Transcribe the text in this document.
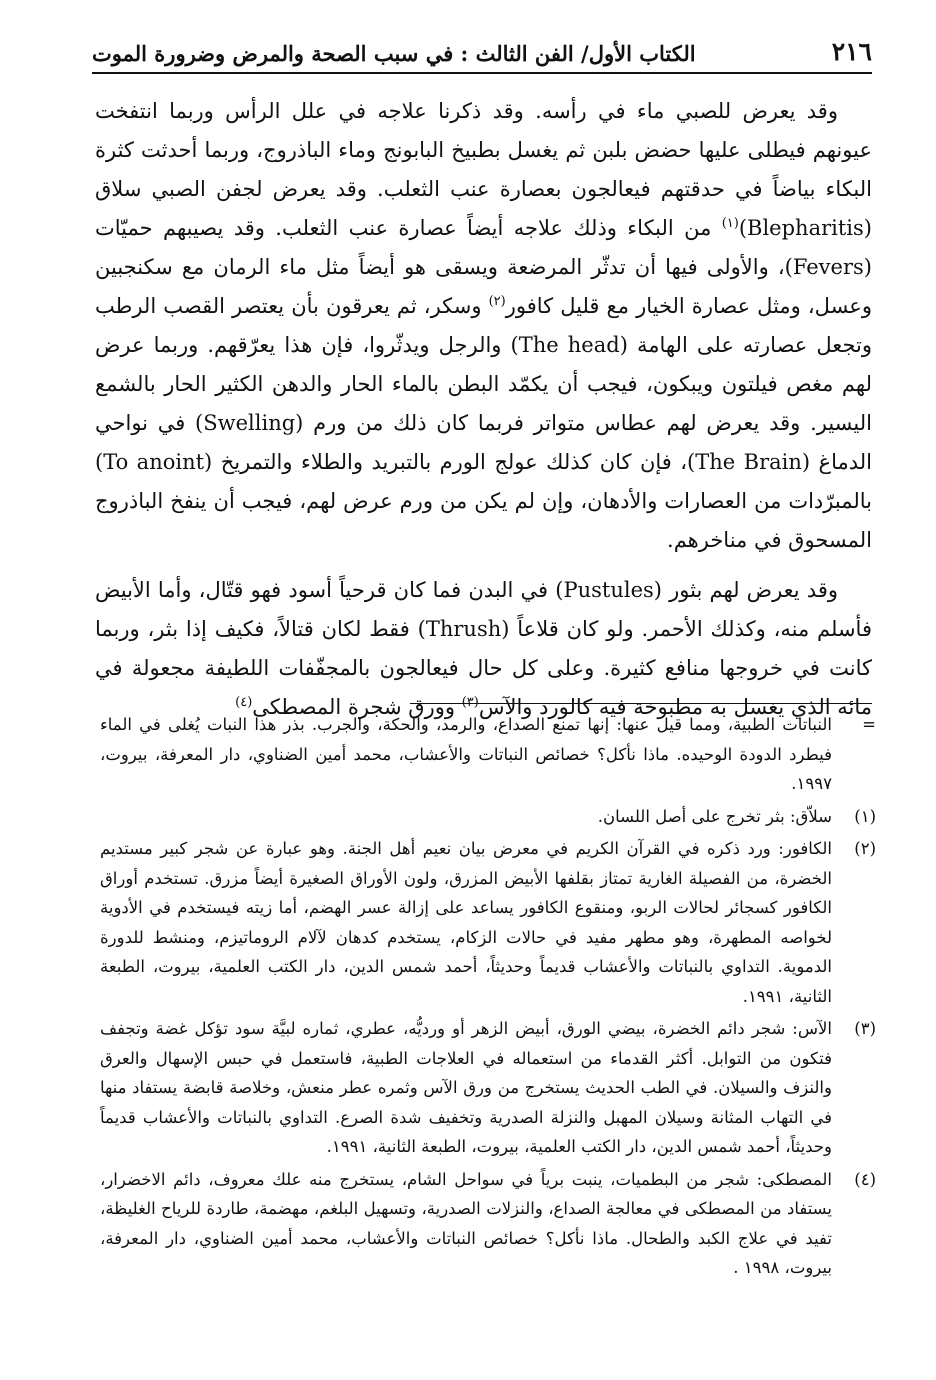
٢١٦
الكتاب الأول/ الفن الثالث : في سبب الصحة والمرض وضرورة الموت

وقد يعرض للصبي ماء في رأسه. وقد ذكرنا علاجه في علل الرأس وربما انتفخت عيونهم فيطلى عليها حضض بلبن ثم يغسل بطبيخ البابونج وماء الباذروج، وربما أحدثت كثرة البكاء بياضاً في حدقتهم فيعالجون بعصارة عنب الثعلب. وقد يعرض لجفن الصبي سلاق (Blepharitis)$^{(١)}$ من البكاء وذلك علاجه أيضاً عصارة عنب الثعلب. وقد يصيبهم حميّات (Fevers)، والأولى فيها أن تدثّر المرضعة ويسقى هو أيضاً مثل ماء الرمان مع سكنجبين وعسل، ومثل عصارة الخيار مع قليل كافور$^{(٢)}$ وسكر، ثم يعرقون بأن يعتصر القصب الرطب وتجعل عصارته على الهامة (The head) والرجل ويدثّروا، فإن هذا يعرّقهم. وربما عرض لهم مغص فيلتون ويبكون، فيجب أن يكمّد البطن بالماء الحار والدهن الكثير الحار بالشمع اليسير. وقد يعرض لهم عطاس متواتر فربما كان ذلك من ورم (Swelling) في نواحي الدماغ (The Brain)، فإن كان كذلك عولج الورم بالتبريد والطلاء والتمريخ (To anoint) بالمبرّدات من العصارات والأدهان، وإن لم يكن من ورم عرض لهم، فيجب أن ينفخ الباذروج المسحوق في مناخرهم.

وقد يعرض لهم بثور (Pustules) في البدن فما كان قرحياً أسود فهو قتّال، وأما الأبيض فأسلم منه، وكذلك الأحمر. ولو كان قلاعاً (Thrush) فقط لكان قتالاً، فكيف إذا بثر، وربما كانت في خروجها منافع كثيرة. وعلى كل حال فيعالجون بالمجفّفات اللطيفة مجعولة في مائه الذي يغسل به مطبوخة فيه كالورد والآس$^{(٣)}$ وورق شجرة المصطكى$^{(٤)}$

=
النباتات الطبية، ومما قيل عنها: إنها تمنع الصداع، والرمد، والحكة، والجرب. بذر هذا النبات يُغلى في الماء فيطرد الدودة الوحيده. ماذا نأكل؟ خصائص النباتات والأعشاب، محمد أمين الضناوي، دار المعرفة، بيروت، ١٩٩٧.
(١)
سلاّق: بثر تخرج على أصل اللسان.
(٢)
الكافور: ورد ذكره في القرآن الكريم في معرض بيان نعيم أهل الجنة. وهو عبارة عن شجر كبير مستديم الخضرة، من الفصيلة الغارية تمتاز بقلفها الأبيض المزرق، ولون الأوراق الصغيرة أيضاً مزرق. تستخدم أوراق الكافور كسجائر لحالات الربو، ومنقوع الكافور يساعد على إزالة عسر الهضم، أما زيته فيستخدم في الأدوية لخواصه المطهرة، وهو مطهر مفيد في حالات الزكام، يستخدم كدهان لآلام الروماتيزم، ومنشط للدورة الدموية. التداوي بالنباتات والأعشاب قديماً وحديثاً، أحمد شمس الدين، دار الكتب العلمية، بيروت، الطبعة الثانية، ١٩٩١.
(٣)
الآس: شجر دائم الخضرة، بيضي الورق، أبيض الزهر أو ورديُّه، عطري، ثماره لبيَّة سود تؤكل غضة وتجفف فتكون من التوابل. أكثر القدماء من استعماله في العلاجات الطبية، فاستعمل في حبس الإسهال والعرق والنزف والسيلان. في الطب الحديث يستخرج من ورق الآس وثمره عطر منعش، وخلاصة قابضة يستفاد منها في التهاب المثانة وسيلان المهبل والنزلة الصدرية وتخفيف شدة الصرع. التداوي بالنباتات والأعشاب قديماً وحديثاً، أحمد شمس الدين، دار الكتب العلمية، بيروت، الطبعة الثانية، ١٩٩١.
(٤)
المصطكى: شجر من البطميات، ينبت برياً في سواحل الشام، يستخرج منه علك معروف، دائم الاخضرار، يستفاد من المصطكى في معالجة الصداع، والنزلات الصدرية، وتسهيل البلغم، مهضمة، طاردة للرياح الغليظة، تفيد في علاج الكبد والطحال. ماذا نأكل؟ خصائص النباتات والأعشاب، محمد أمين الضناوي، دار المعرفة، بيروت، ١٩٩٨ .
